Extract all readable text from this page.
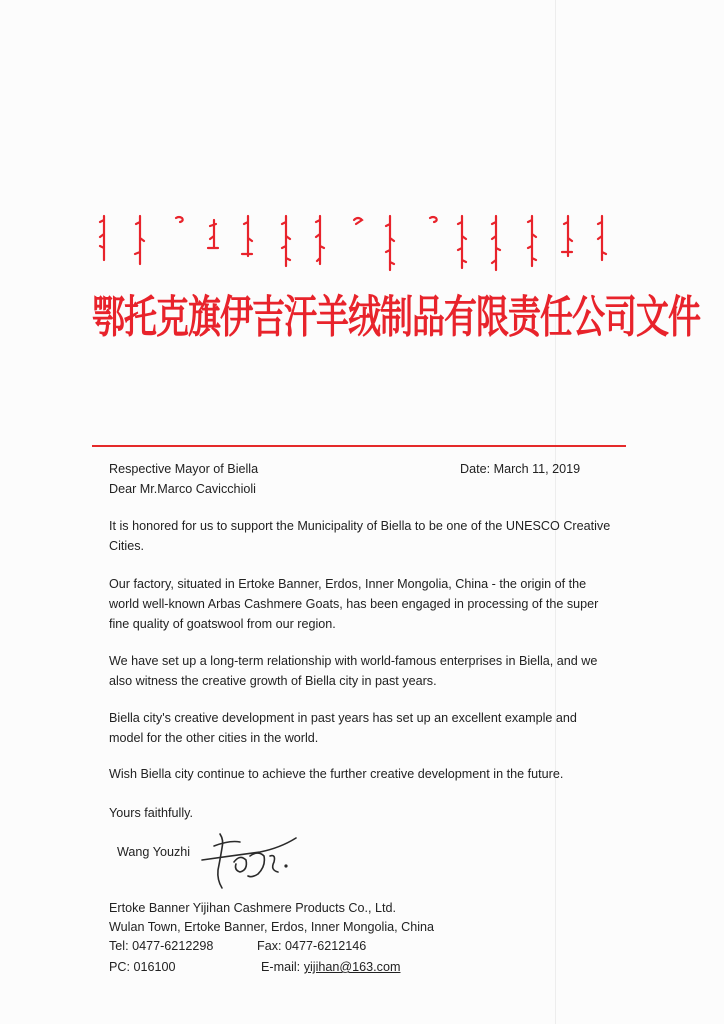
鄂托克旗伊吉汗羊绒制品有限责任公司文件
Respective Mayor of Biella	Date: March 11, 2019
Dear Mr.Marco Cavicchioli
It is honored for us to support the Municipality of Biella to be one of the UNESCO Creative
Cities.
Our factory, situated in Ertoke Banner, Erdos, Inner Mongolia, China - the origin of the
world well-known Arbas Cashmere Goats, has been engaged in processing of the super
fine quality of goatswool from our region.
We have set up a long-term relationship with world-famous enterprises in Biella, and we
also witness the creative growth of Biella city in past years.
Biella city's creative development in past years has set up an excellent example and
model for the other cities in the world.
Wish Biella city continue to achieve the further creative development in the future.
Yours faithfully.
Wang Youzhi
Ertoke Banner Yijihan Cashmere Products Co., Ltd.
Wulan Town, Ertoke Banner, Erdos, Inner Mongolia, China
Tel: 0477-6212298	Fax: 0477-6212146
PC: 016100	E-mail: yijihan@163.com
